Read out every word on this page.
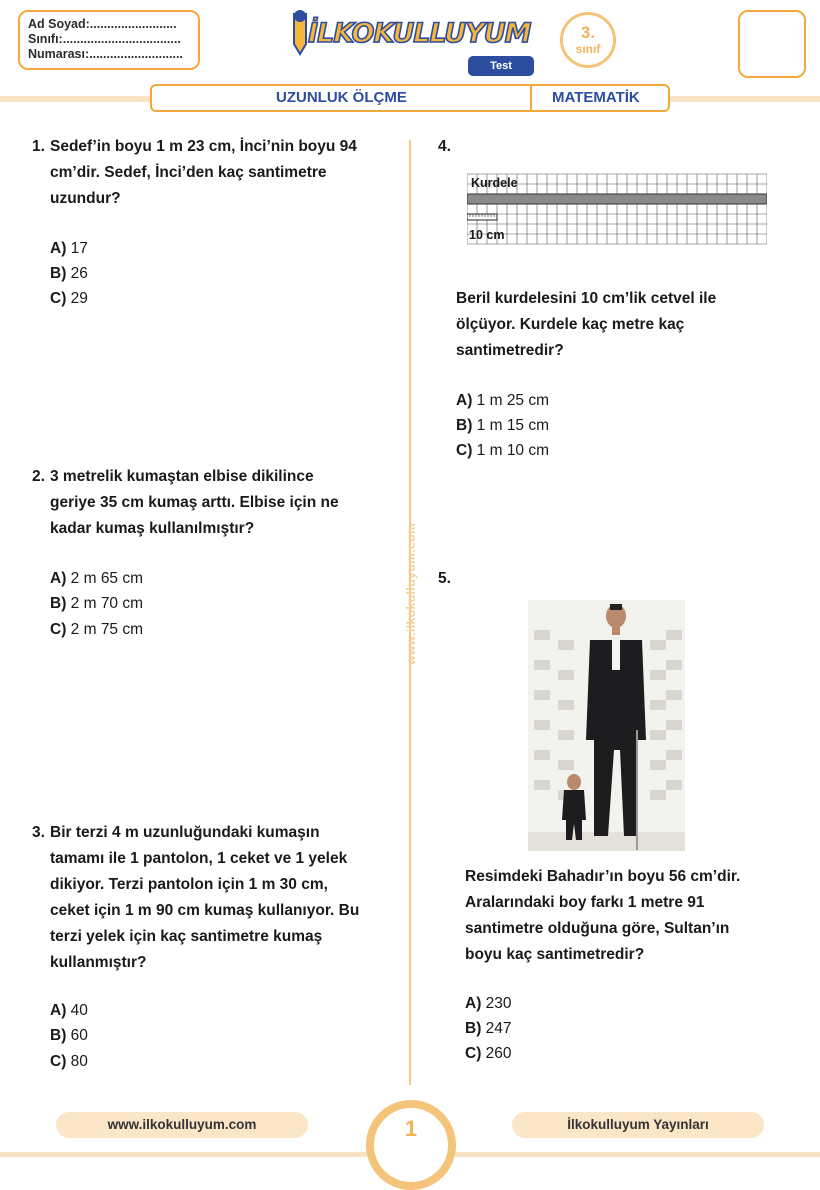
Ad Soyad:.........................
Sınıfı:..................................
Numarası:...........................
İLKOKULLUYUM
Test
3.
sınıf
UZUNLUK ÖLÇME	MATEMATİK
www.ilkokulluyum.com
1. Sedef’in boyu 1 m 23 cm, İnci’nin boyu 94
cm’dir. Sedef, İnci’den kaç santimetre
uzundur?
A) 17
B) 26
C) 29
2. 3 metrelik kumaştan elbise dikilince
geriye 35 cm kumaş arttı. Elbise için ne
kadar kumaş kullanılmıştır?
A) 2 m 65 cm
B) 2 m 70 cm
C) 2 m 75 cm
3. Bir terzi 4 m uzunluğundaki kumaşın
tamamı ile 1 pantolon, 1 ceket ve 1 yelek
dikiyor. Terzi pantolon için 1 m 30 cm,
ceket için 1 m 90 cm kumaş kullanıyor. Bu
terzi yelek için kaç santimetre kumaş
kullanmıştır?
A) 40
B) 60
C) 80
4.
Kurdele
10 cm
Beril kurdelesini 10 cm’lik cetvel ile
ölçüyor. Kurdele kaç metre kaç
santimetredir?
A) 1 m 25 cm
B) 1 m 15 cm
C) 1 m 10 cm
5.
Resimdeki Bahadır’ın boyu 56 cm’dir.
Aralarındaki boy farkı 1 metre 91
santimetre olduğuna göre, Sultan’ın
boyu kaç santimetredir?
A) 230
B) 247
C) 260
www.ilkokulluyum.com	1	İlkokulluyum Yayınları
